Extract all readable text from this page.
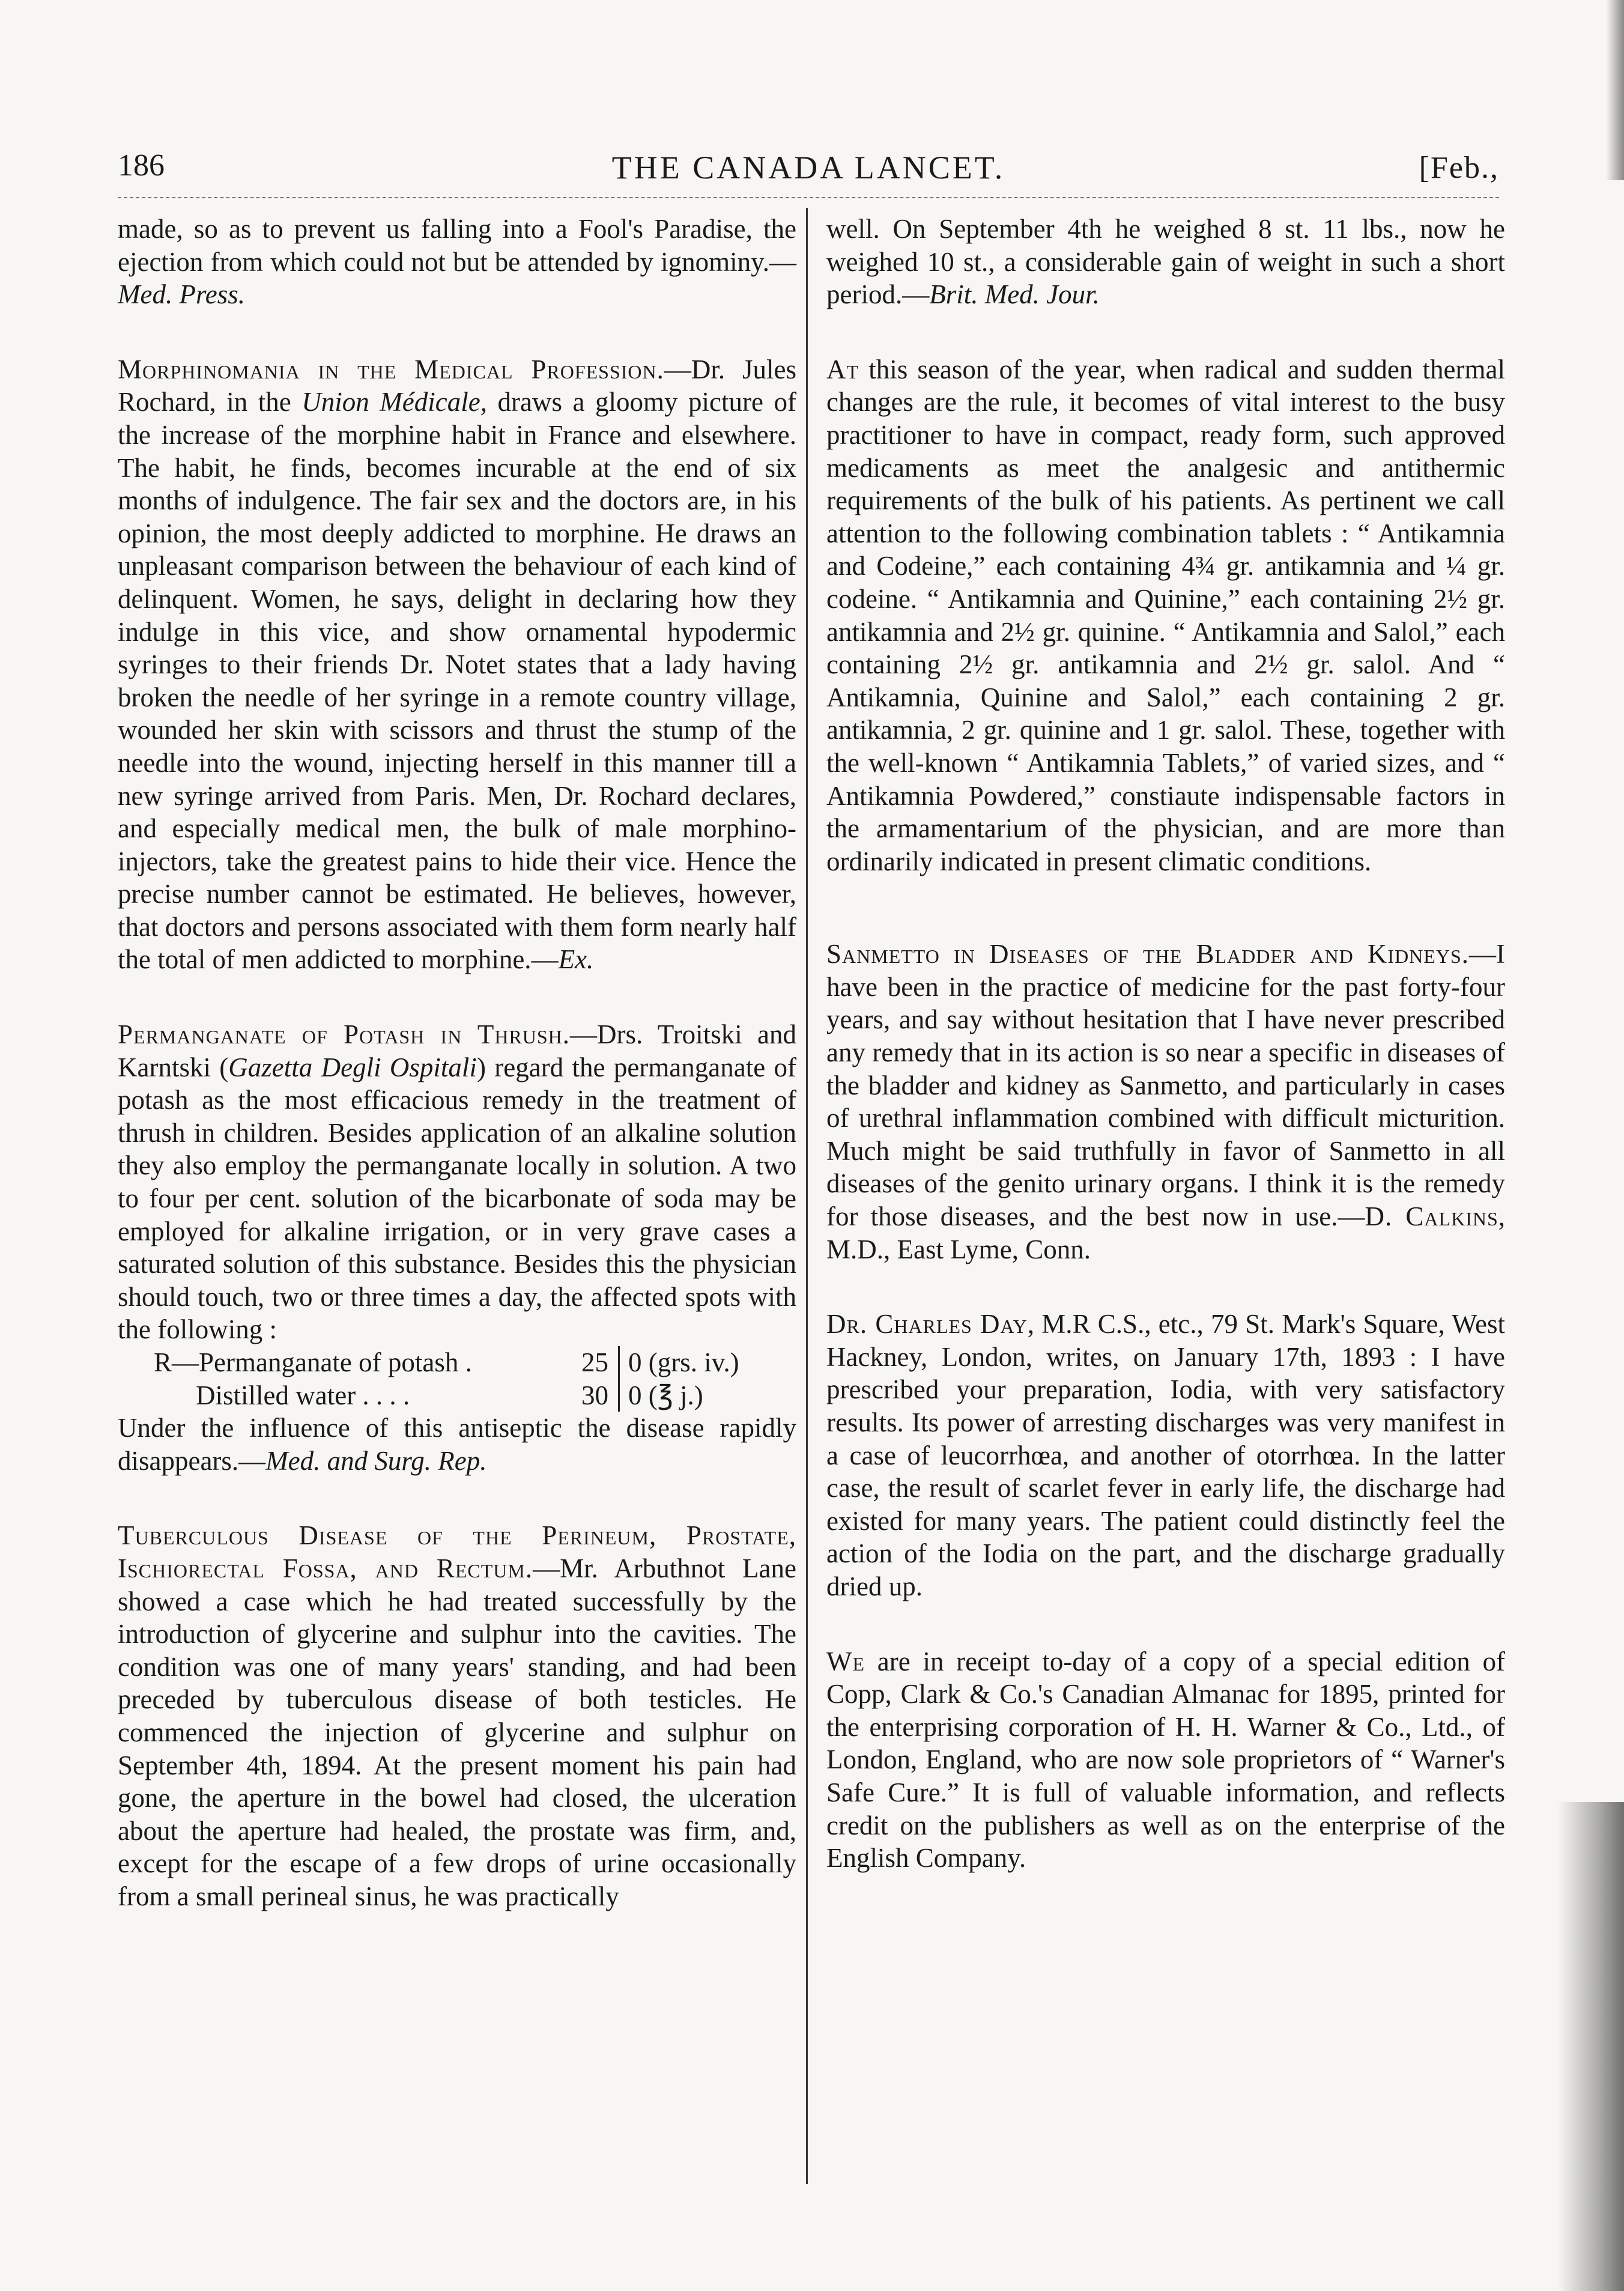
186	THE CANADA LANCET.	[Feb.,

made, so as to prevent us falling into a Fool's Paradise, the ejection from which could not but be attended by ignominy.—Med. Press.

Morphinomania in the Medical Profession.—Dr. Jules Rochard, in the Union Médicale, draws a gloomy picture of the increase of the morphine habit in France and elsewhere. The habit, he finds, becomes incurable at the end of six months of indulgence. The fair sex and the doctors are, in his opinion, the most deeply addicted to morphine. He draws an unpleasant comparison between the behaviour of each kind of delinquent. Women, he says, delight in declaring how they indulge in this vice, and show ornamental hypodermic syringes to their friends Dr. Notet states that a lady having broken the needle of her syringe in a remote country village, wounded her skin with scissors and thrust the stump of the needle into the wound, injecting herself in this manner till a new syringe arrived from Paris. Men, Dr. Rochard declares, and especially medical men, the bulk of male morphino-injectors, take the greatest pains to hide their vice. Hence the precise number cannot be estimated. He believes, however, that doctors and persons associated with them form nearly half the total of men addicted to morphine.—Ex.

Permanganate of Potash in Thrush.—Drs. Troitski and Karntski (Gazetta Degli Ospitali) regard the permanganate of potash as the most efficacious remedy in the treatment of thrush in children. Besides application of an alkaline solution they also employ the permanganate locally in solution. A two to four per cent. solution of the bicarbonate of soda may be employed for alkaline irrigation, or in very grave cases a saturated solution of this substance. Besides this the physician should touch, two or three times a day, the affected spots with the following :

R—Permanganate of potash .	25	0 (grs. iv.)
Distilled water . . . .	30	0 (℥ j.)

Under the influence of this antiseptic the disease rapidly disappears.—Med. and Surg. Rep.

Tuberculous Disease of the Perineum, Prostate, Ischiorectal Fossa, and Rectum.—Mr. Arbuthnot Lane showed a case which he had treated successfully by the introduction of glycerine and sulphur into the cavities. The condition was one of many years' standing, and had been preceded by tuberculous disease of both testicles. He commenced the injection of glycerine and sulphur on September 4th, 1894. At the present moment his pain had gone, the aperture in the bowel had closed, the ulceration about the aperture had healed, the prostate was firm, and, except for the escape of a few drops of urine occasionally from a small perineal sinus, he was practically

well. On September 4th he weighed 8 st. 11 lbs., now he weighed 10 st., a considerable gain of weight in such a short period.—Brit. Med. Jour.

At this season of the year, when radical and sudden thermal changes are the rule, it becomes of vital interest to the busy practitioner to have in compact, ready form, such approved medicaments as meet the analgesic and antithermic requirements of the bulk of his patients. As pertinent we call attention to the following combination tablets : “ Antikamnia and Codeine,” each containing 4¾ gr. antikamnia and ¼ gr. codeine. “ Antikamnia and Quinine,” each containing 2½ gr. antikamnia and 2½ gr. quinine. “ Antikamnia and Salol,” each containing 2½ gr. antikamnia and 2½ gr. salol. And “ Antikamnia, Quinine and Salol,” each containing 2 gr. antikamnia, 2 gr. quinine and 1 gr. salol. These, together with the well-known “ Antikamnia Tablets,” of varied sizes, and “ Antikamnia Powdered,” constiaute indispensable factors in the armamentarium of the physician, and are more than ordinarily indicated in present climatic conditions.

Sanmetto in Diseases of the Bladder and Kidneys.—I have been in the practice of medicine for the past forty-four years, and say without hesitation that I have never prescribed any remedy that in its action is so near a specific in diseases of the bladder and kidney as Sanmetto, and particularly in cases of urethral inflammation combined with difficult micturition. Much might be said truthfully in favor of Sanmetto in all diseases of the genito urinary organs. I think it is the remedy for those diseases, and the best now in use.—D. Calkins, M.D., East Lyme, Conn.

Dr. Charles Day, M.R C.S., etc., 79 St. Mark's Square, West Hackney, London, writes, on January 17th, 1893 : I have prescribed your preparation, Iodia, with very satisfactory results. Its power of arresting discharges was very manifest in a case of leucorrhœa, and another of otorrhœa. In the latter case, the result of scarlet fever in early life, the discharge had existed for many years. The patient could distinctly feel the action of the Iodia on the part, and the discharge gradually dried up.

We are in receipt to-day of a copy of a special edition of Copp, Clark & Co.'s Canadian Almanac for 1895, printed for the enterprising corporation of H. H. Warner & Co., Ltd., of London, England, who are now sole proprietors of “ Warner's Safe Cure.” It is full of valuable information, and reflects credit on the publishers as well as on the enterprise of the English Company.
